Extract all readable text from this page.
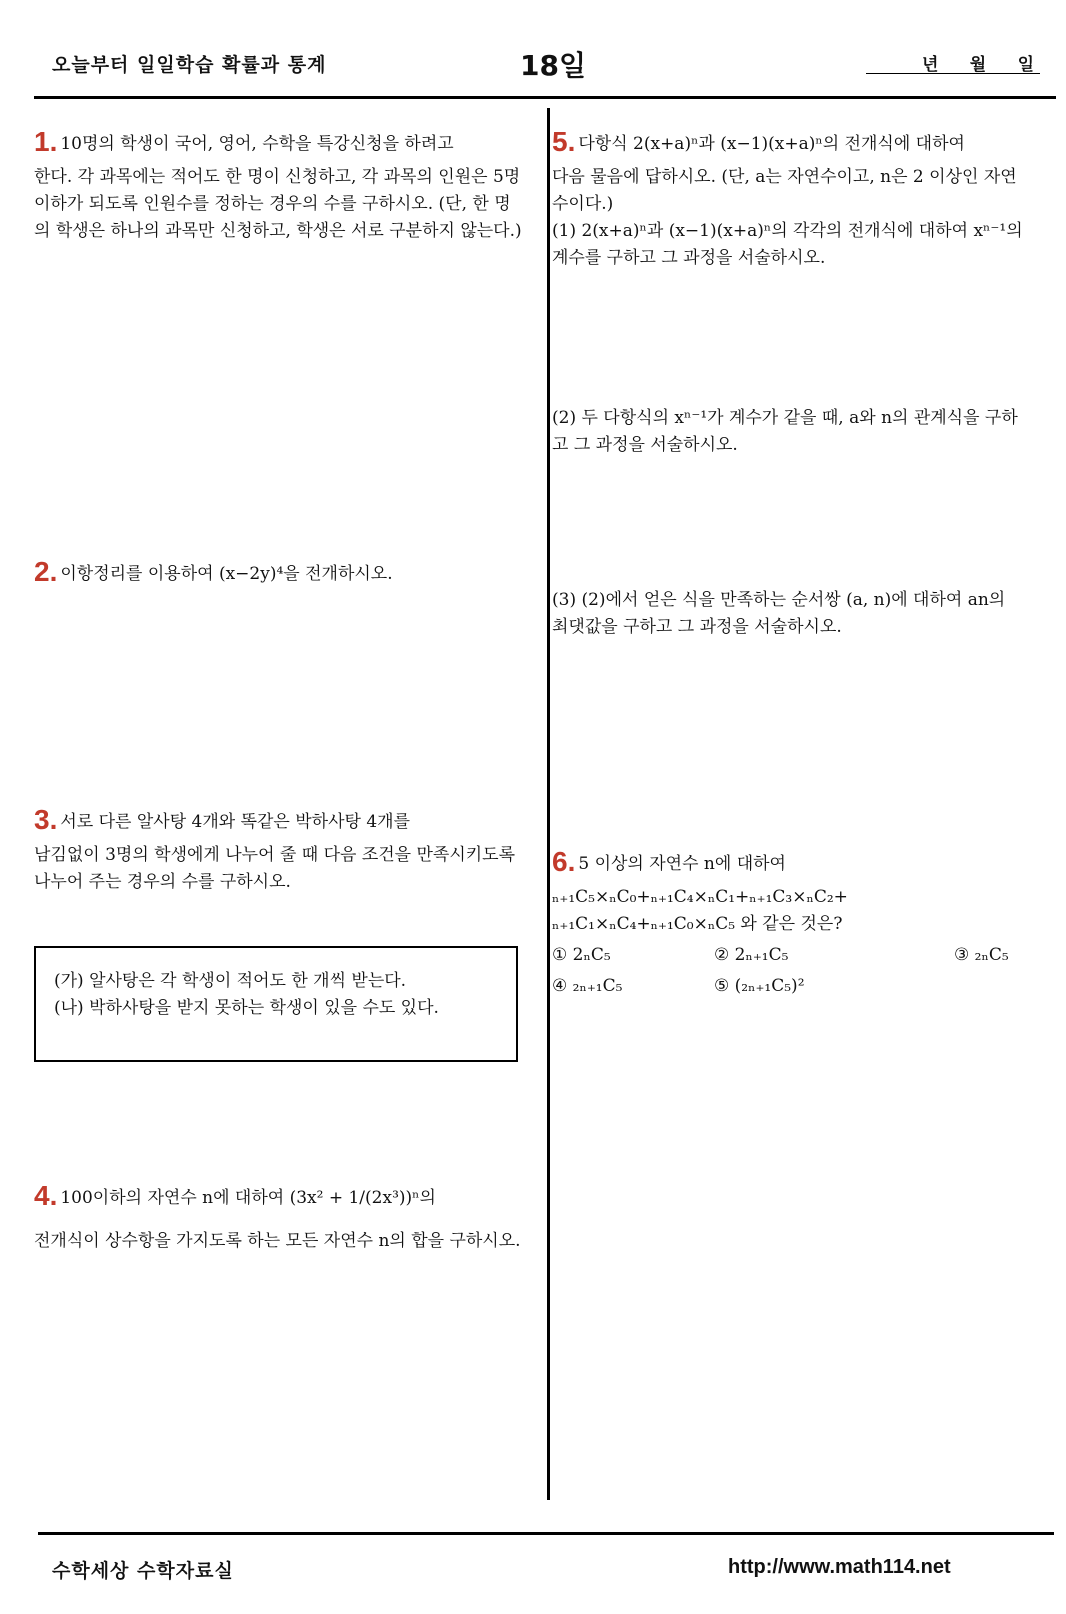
오늘부터 일일학습 확률과 통계	18일	년 월 일
1. 10명의 학생이 국어, 영어, 수학을 특강신청을 하려고
한다. 각 과목에는 적어도 한 명이 신청하고, 각 과목의 인원은 5명 이하가 되도록 인원수를 정하는 경우의 수를 구하시오. (단, 한 명의 학생은 하나의 과목만 신청하고, 학생은 서로 구분하지 않는다.)
2. 이항정리를 이용하여 (x−2y)⁴을 전개하시오.
3. 서로 다른 알사탕 4개와 똑같은 박하사탕 4개를
남김없이 3명의 학생에게 나누어 줄 때 다음 조건을 만족시키도록 나누어 주는 경우의 수를 구하시오.
(가) 알사탕은 각 학생이 적어도 한 개씩 받는다.
(나) 박하사탕을 받지 못하는 학생이 있을 수도 있다.
4. 100이하의 자연수 n에 대하여 (3x² + 1/(2x³))ⁿ의
전개식이 상수항을 가지도록 하는 모든 자연수 n의 합을 구하시오.
5. 다항식 2(x+a)ⁿ과 (x−1)(x+a)ⁿ의 전개식에 대하여
다음 물음에 답하시오. (단, a는 자연수이고, n은 2 이상인 자연수이다.)
(1) 2(x+a)ⁿ과 (x−1)(x+a)ⁿ의 각각의 전개식에 대하여 xⁿ⁻¹의 계수를 구하고 그 과정을 서술하시오.
(2) 두 다항식의 xⁿ⁻¹가 계수가 같을 때, a와 n의 관계식을 구하고 그 과정을 서술하시오.
(3) (2)에서 얻은 식을 만족하는 순서쌍 (a, n)에 대하여 an의 최댓값을 구하고 그 과정을 서술하시오.
6. 5 이상의 자연수 n에 대하여
ₙ₊₁C₅×ₙC₀+ₙ₊₁C₄×ₙC₁+ₙ₊₁C₃×ₙC₂+
ₙ₊₁C₁×ₙC₄+ₙ₊₁C₀×ₙC₅ 와 같은 것은?
① 2ₙC₅	② 2ₙ₊₁C₅	③ ₂ₙC₅
④ ₂ₙ₊₁C₅	⑤ (₂ₙ₊₁C₅)²
수학세상 수학자료실	http://www.math114.net
